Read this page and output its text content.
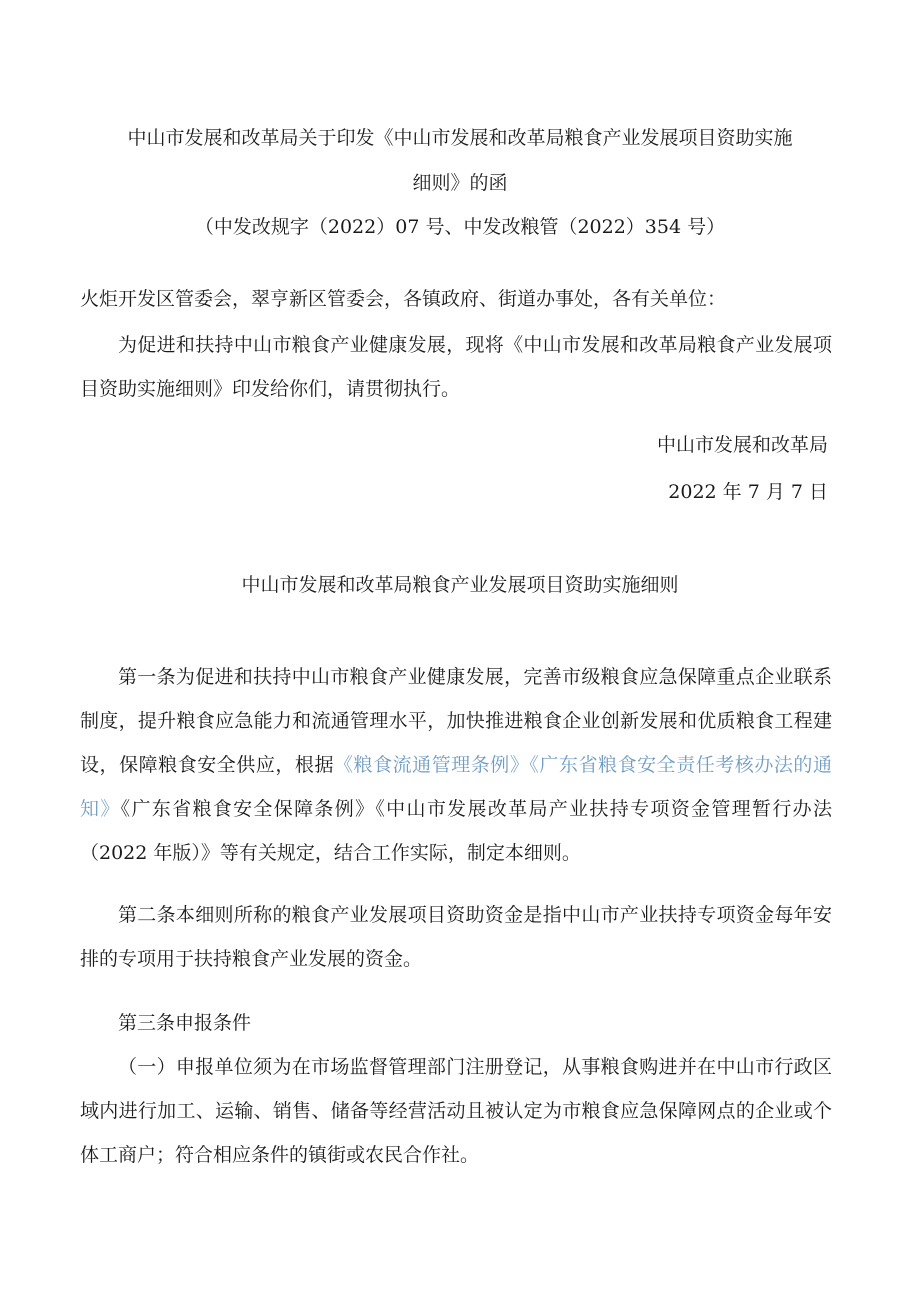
中山市发展和改革局关于印发《中山市发展和改革局粮食产业发展项目资助实施
细则》的函
（中发改规字（2022）07 号、中发改粮管（2022）354 号）
火炬开发区管委会，翠亨新区管委会，各镇政府、街道办事处，各有关单位：

为促进和扶持中山市粮食产业健康发展，现将《中山市发展和改革局粮食产业发展项目资助实施细则》印发给你们，请贯彻执行。

中山市发展和改革局
2022 年 7 月 7 日
中山市发展和改革局粮食产业发展项目资助实施细则

第一条为促进和扶持中山市粮食产业健康发展，完善市级粮食应急保障重点企业联系制度，提升粮食应急能力和流通管理水平，加快推进粮食企业创新发展和优质粮食工程建设，保障粮食安全供应，根据《粮食流通管理条例》《广东省粮食安全责任考核办法的通知》《广东省粮食安全保障条例》《中山市发展改革局产业扶持专项资金管理暂行办法（2022 年版）》等有关规定，结合工作实际，制定本细则。

第二条本细则所称的粮食产业发展项目资助资金是指中山市产业扶持专项资金每年安排的专项用于扶持粮食产业发展的资金。

第三条申报条件

（一）申报单位须为在市场监督管理部门注册登记，从事粮食购进并在中山市行政区域内进行加工、运输、销售、储备等经营活动且被认定为市粮食应急保障网点的企业或个体工商户；符合相应条件的镇街或农民合作社。
